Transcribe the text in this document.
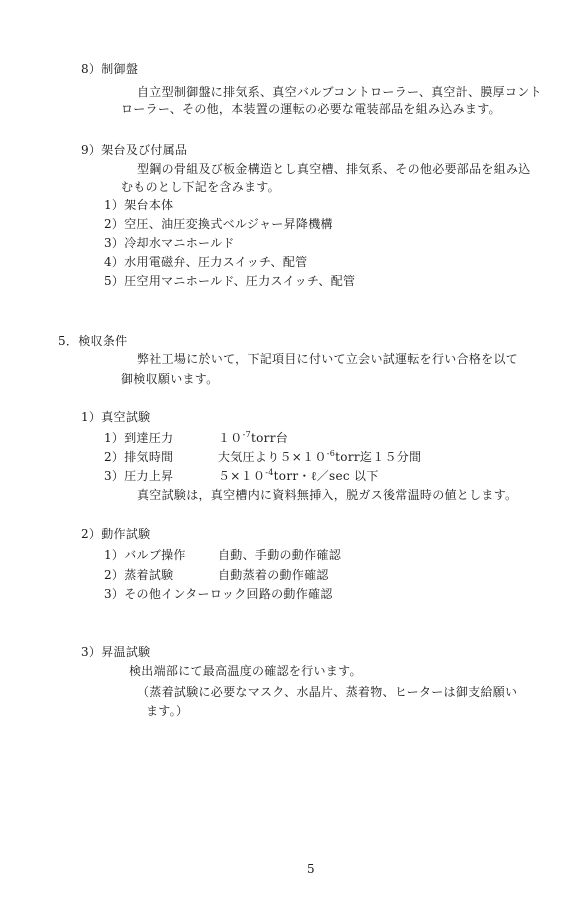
8）制御盤
自立型制御盤に排気系、真空バルブコントローラー、真空計、膜厚コント
ローラー、その他，本装置の運転の必要な電装部品を組み込みます。
9）架台及び付属品
型鋼の骨組及び板金構造とし真空槽、排気系、その他必要部品を組み込
むものとし下記を含みます。
1）架台本体
2）空圧、油圧変換式ベルジャー昇降機構
3）冷却水マニホールド
4）水用電磁弁、圧力スイッチ、配管
5）圧空用マニホールド、圧力スイッチ、配管
5．検収条件
弊社工場に於いて，下記項目に付いて立会い試運転を行い合格を以て
御検収願います。
1）真空試験
1）到達圧力	$10^{-7}torr$台
2）排気時間	大気圧より$5\times 10^{-6}torr$迄１５分間
3）圧力上昇	$5\times 10^{-4}torr$・ℓ／sec 以下
真空試験は，真空槽内に資料無挿入，脱ガス後常温時の値とします。
2）動作試験
1）バルブ操作	自動、手動の動作確認
2）蒸着試験	自動蒸着の動作確認
3）その他インターロック回路の動作確認
3）昇温試験
検出端部にて最高温度の確認を行います。
（蒸着試験に必要なマスク、水晶片、蒸着物、ヒーターは御支給願い
ます。）
5
